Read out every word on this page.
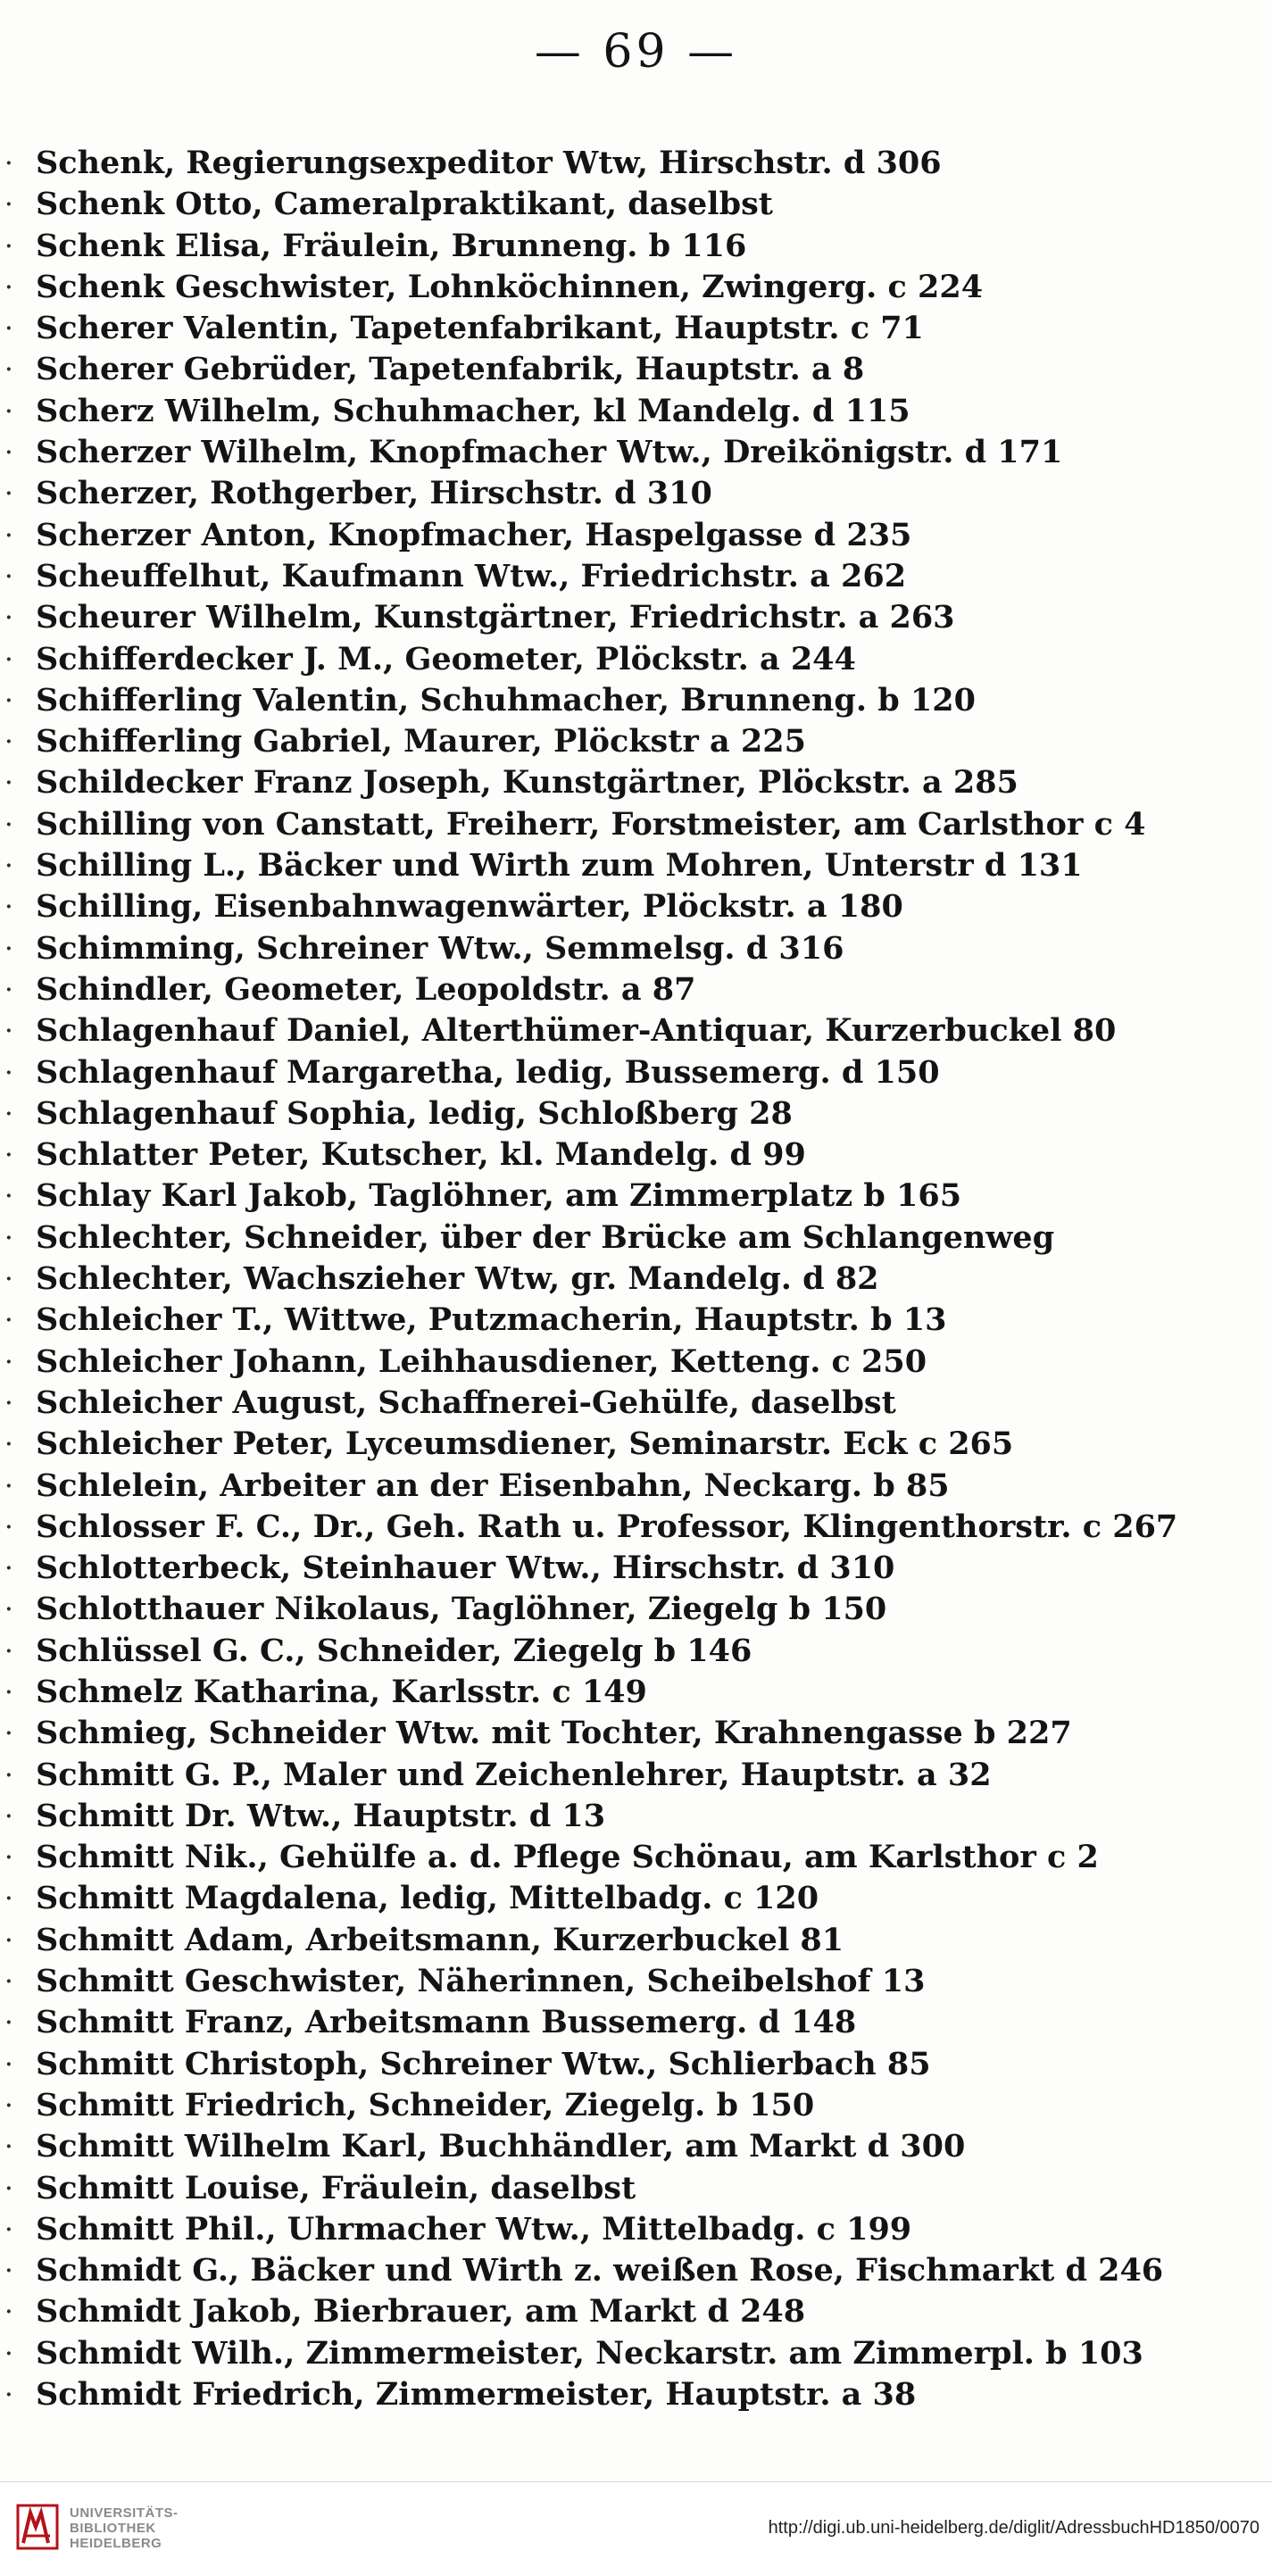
— 69 —
· Schenk, Regierungsexpeditor Wtw, Hirschstr. d 306
· Schenk Otto, Cameralpraktikant, daselbst
· Schenk Elisa, Fräulein, Brunneng. b 116
· Schenk Geschwister, Lohnköchinnen, Zwingerg. c 224
· Scherer Valentin, Tapetenfabrikant, Hauptstr. c 71
· Scherer Gebrüder, Tapetenfabrik, Hauptstr. a 8
· Scherz Wilhelm, Schuhmacher, kl Mandelg. d 115
· Scherzer Wilhelm, Knopfmacher Wtw., Dreikönigstr. d 171
· Scherzer, Rothgerber, Hirschstr. d 310
· Scherzer Anton, Knopfmacher, Haspelgasse d 235
· Scheuffelhut, Kaufmann Wtw., Friedrichstr. a 262
· Scheurer Wilhelm, Kunstgärtner, Friedrichstr. a 263
· Schifferdecker J. M., Geometer, Plöckstr. a 244
· Schifferling Valentin, Schuhmacher, Brunneng. b 120
· Schifferling Gabriel, Maurer, Plöckstr a 225
· Schildecker Franz Joseph, Kunstgärtner, Plöckstr. a 285
· Schilling von Canstatt, Freiherr, Forstmeister, am Carlsthor c 4
· Schilling L., Bäcker und Wirth zum Mohren, Unterstr d 131
· Schilling, Eisenbahnwagenwärter, Plöckstr. a 180
· Schimming, Schreiner Wtw., Semmelsg. d 316
· Schindler, Geometer, Leopoldstr. a 87
· Schlagenhauf Daniel, Alterthümer-Antiquar, Kurzerbuckel 80
· Schlagenhauf Margaretha, ledig, Bussemerg. d 150
· Schlagenhauf Sophia, ledig, Schloßberg 28
· Schlatter Peter, Kutscher, kl. Mandelg. d 99
· Schlay Karl Jakob, Taglöhner, am Zimmerplatz b 165
· Schlechter, Schneider, über der Brücke am Schlangenweg
· Schlechter, Wachszieher Wtw, gr. Mandelg. d 82
· Schleicher T., Wittwe, Putzmacherin, Hauptstr. b 13
· Schleicher Johann, Leihhausdiener, Ketteng. c 250
· Schleicher August, Schaffnerei-Gehülfe, daselbst
· Schleicher Peter, Lyceumsdiener, Seminarstr. Eck c 265
· Schlelein, Arbeiter an der Eisenbahn, Neckarg. b 85
· Schlosser F. C., Dr., Geh. Rath u. Professor, Klingenthorstr. c 267
· Schlotterbeck, Steinhauer Wtw., Hirschstr. d 310
· Schlotthauer Nikolaus, Taglöhner, Ziegelg b 150
· Schlüssel G. C., Schneider, Ziegelg b 146
· Schmelz Katharina, Karlsstr. c 149
· Schmieg, Schneider Wtw. mit Tochter, Krahnengasse b 227
· Schmitt G. P., Maler und Zeichenlehrer, Hauptstr. a 32
· Schmitt Dr. Wtw., Hauptstr. d 13
· Schmitt Nik., Gehülfe a. d. Pflege Schönau, am Karlsthor c 2
· Schmitt Magdalena, ledig, Mittelbadg. c 120
· Schmitt Adam, Arbeitsmann, Kurzerbuckel 81
· Schmitt Geschwister, Näherinnen, Scheibelshof 13
· Schmitt Franz, Arbeitsmann Bussemerg. d 148
· Schmitt Christoph, Schreiner Wtw., Schlierbach 85
· Schmitt Friedrich, Schneider, Ziegelg. b 150
· Schmitt Wilhelm Karl, Buchhändler, am Markt d 300
· Schmitt Louise, Fräulein, daselbst
· Schmitt Phil., Uhrmacher Wtw., Mittelbadg. c 199
· Schmidt G., Bäcker und Wirth z. weißen Rose, Fischmarkt d 246
· Schmidt Jakob, Bierbrauer, am Markt d 248
· Schmidt Wilh., Zimmermeister, Neckarstr. am Zimmerpl. b 103
· Schmidt Friedrich, Zimmermeister, Hauptstr. a 38
UNIVERSITÄTS-
BIBLIOTHEK
HEIDELBERG
http://digi.ub.uni-heidelberg.de/diglit/AdressbuchHD1850/0070
